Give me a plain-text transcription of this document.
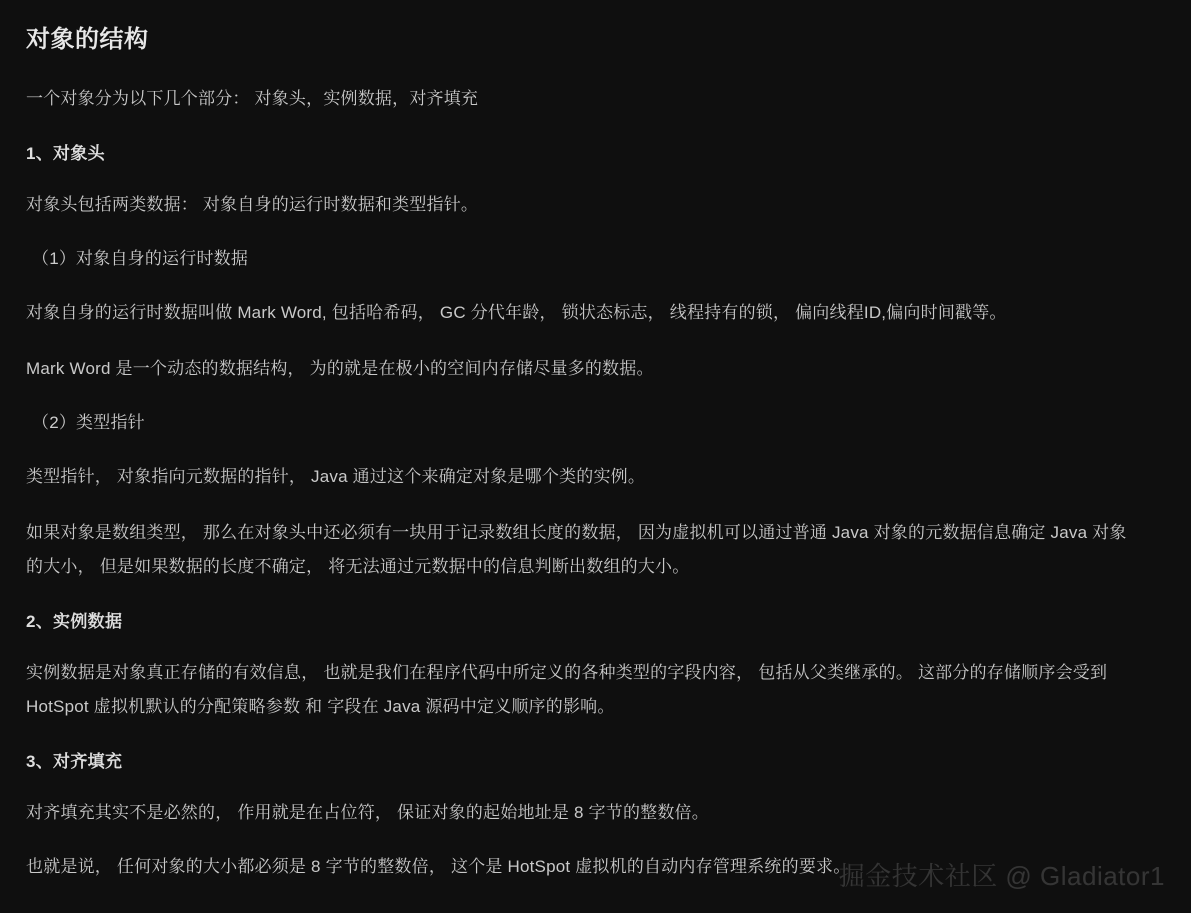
对象的结构

一个对象分为以下几个部分： 对象头，实例数据，对齐填充

1、对象头

对象头包括两类数据： 对象自身的运行时数据和类型指针。

（1）对象自身的运行时数据

对象自身的运行时数据叫做 Mark Word, 包括哈希码， GC 分代年龄， 锁状态标志， 线程持有的锁， 偏向线程ID,偏向时间戳等。

Mark Word 是一个动态的数据结构， 为的就是在极小的空间内存储尽量多的数据。

（2）类型指针

类型指针， 对象指向元数据的指针， Java 通过这个来确定对象是哪个类的实例。

如果对象是数组类型， 那么在对象头中还必须有一块用于记录数组长度的数据， 因为虚拟机可以通过普通 Java 对象的元数据信息确定 Java 对象的大小， 但是如果数据的长度不确定， 将无法通过元数据中的信息判断出数组的大小。

2、实例数据

实例数据是对象真正存储的有效信息， 也就是我们在程序代码中所定义的各种类型的字段内容， 包括从父类继承的。 这部分的存储顺序会受到 HotSpot 虚拟机默认的分配策略参数 和 字段在 Java 源码中定义顺序的影响。

3、对齐填充

对齐填充其实不是必然的， 作用就是在占位符， 保证对象的起始地址是 8 字节的整数倍。

也就是说， 任何对象的大小都必须是 8 字节的整数倍， 这个是 HotSpot 虚拟机的自动内存管理系统的要求。

掘金技术社区 @ Gladiator1
